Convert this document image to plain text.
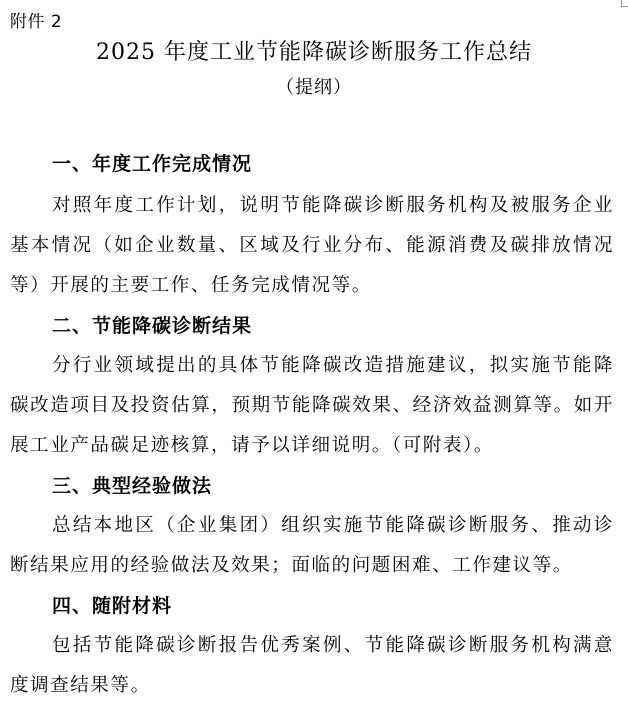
附件 2
2025 年度工业节能降碳诊断服务工作总结
（提纲）
一、年度工作完成情况
对照年度工作计划，说明节能降碳诊断服务机构及被服务企业基本情况（如企业数量、区域及行业分布、能源消费及碳排放情况等）开展的主要工作、任务完成情况等。
二、节能降碳诊断结果
分行业领域提出的具体节能降碳改造措施建议，拟实施节能降碳改造项目及投资估算，预期节能降碳效果、经济效益测算等。如开展工业产品碳足迹核算，请予以详细说明。（可附表）。
三、典型经验做法
总结本地区（企业集团）组织实施节能降碳诊断服务、推动诊断结果应用的经验做法及效果；面临的问题困难、工作建议等。
四、随附材料
包括节能降碳诊断报告优秀案例、节能降碳诊断服务机构满意度调查结果等。
